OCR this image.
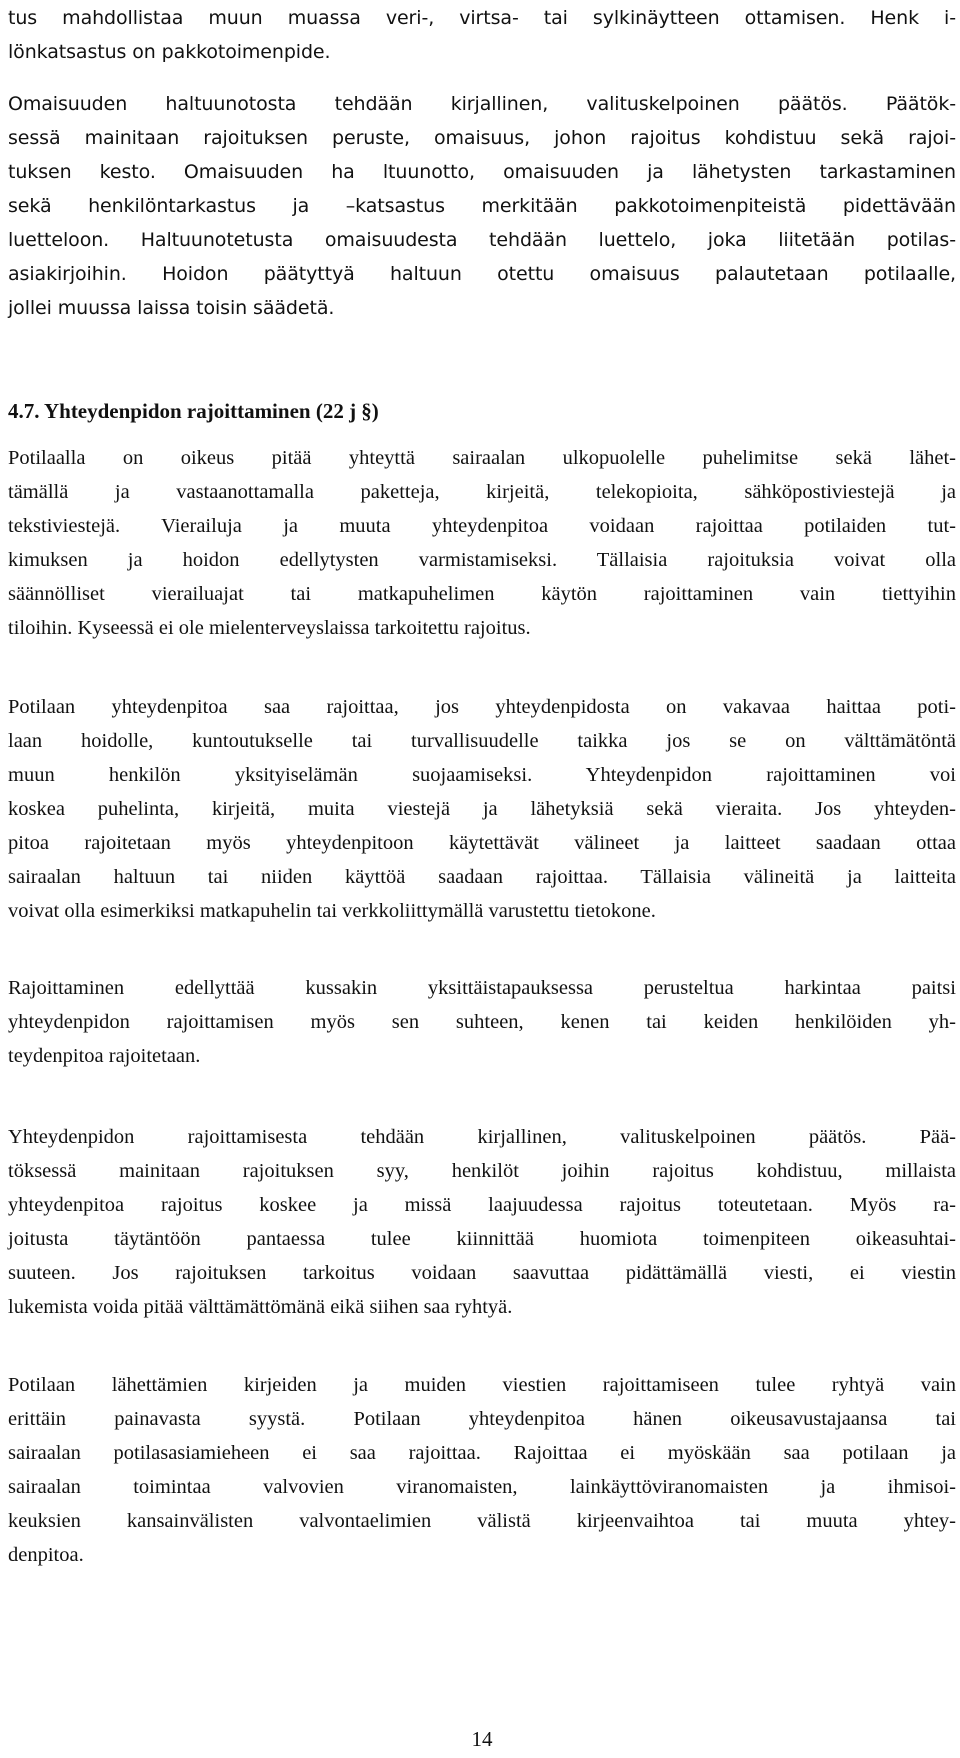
tus mahdollistaa muun muassa veri-, virtsa- tai sylkinäytteen ottamisen. Henk i-
lönkatsastus on pakkotoimenpide.
Omaisuuden haltuunotosta tehdään kirjallinen, valituskelpoinen päätös. Päätök-
sessä mainitaan rajoituksen peruste, omaisuus, johon rajoitus kohdistuu sekä rajoi-
tuksen kesto. Omaisuuden ha ltuunotto, omaisuuden ja lähetysten tarkastaminen
sekä henkilöntarkastus ja –katsastus merkitään pakkotoimenpiteistä pidettävään
luetteloon. Haltuunotetusta omaisuudesta tehdään luettelo, joka liitetään potilas-
asiakirjoihin. Hoidon päätyttyä haltuun otettu omaisuus palautetaan potilaalle,
jollei muussa laissa toisin säädetä.
4.7. Yhteydenpidon rajoittaminen (22 j §)
Potilaalla on oikeus pitää yhteyttä sairaalan ulkopuolelle puhelimitse sekä lähet-
tämällä ja vastaanottamalla paketteja, kirjeitä, telekopioita, sähköpostiviestejä ja
tekstiviestejä. Vierailuja ja muuta yhteydenpitoa voidaan rajoittaa potilaiden tut-
kimuksen ja hoidon edellytysten varmistamiseksi. Tällaisia rajoituksia voivat olla
säännölliset vierailuajat tai matkapuhelimen käytön rajoittaminen vain tiettyihin
tiloihin. Kyseessä ei ole mielenterveyslaissa tarkoitettu rajoitus.
Potilaan yhteydenpitoa saa rajoittaa, jos yhteydenpidosta on vakavaa haittaa poti-
laan hoidolle, kuntoutukselle tai turvallisuudelle taikka jos se on välttämätöntä
muun henkilön yksityiselämän suojaamiseksi. Yhteydenpidon rajoittaminen voi
koskea puhelinta, kirjeitä, muita viestejä ja lähetyksiä sekä vieraita. Jos yhteyden-
pitoa rajoitetaan myös yhteydenpitoon käytettävät välineet ja laitteet saadaan ottaa
sairaalan haltuun tai niiden käyttöä saadaan rajoittaa. Tällaisia välineitä ja laitteita
voivat olla esimerkiksi matkapuhelin tai verkkoliittymällä varustettu tietokone.
Rajoittaminen edellyttää kussakin yksittäistapauksessa perusteltua harkintaa paitsi
yhteydenpidon rajoittamisen myös sen suhteen, kenen tai keiden henkilöiden yh-
teydenpitoa rajoitetaan.
Yhteydenpidon rajoittamisesta tehdään kirjallinen, valituskelpoinen päätös. Pää-
töksessä mainitaan rajoituksen syy, henkilöt joihin rajoitus kohdistuu, millaista
yhteydenpitoa rajoitus koskee ja missä laajuudessa rajoitus toteutetaan. Myös ra-
joitusta täytäntöön pantaessa tulee kiinnittää huomiota toimenpiteen oikeasuhtai-
suuteen. Jos rajoituksen tarkoitus voidaan saavuttaa pidättämällä viesti, ei viestin
lukemista voida pitää välttämättömänä eikä siihen saa ryhtyä.
Potilaan lähettämien kirjeiden ja muiden viestien rajoittamiseen tulee ryhtyä vain
erittäin painavasta syystä. Potilaan yhteydenpitoa hänen oikeusavustajaansa tai
sairaalan potilasasiamieheen ei saa rajoittaa. Rajoittaa ei myöskään saa potilaan ja
sairaalan toimintaa valvovien viranomaisten, lainkäyttöviranomaisten ja ihmisoi-
keuksien kansainvälisten valvontaelimien välistä kirjeenvaihtoa tai muuta yhtey-
denpitoa.
14
